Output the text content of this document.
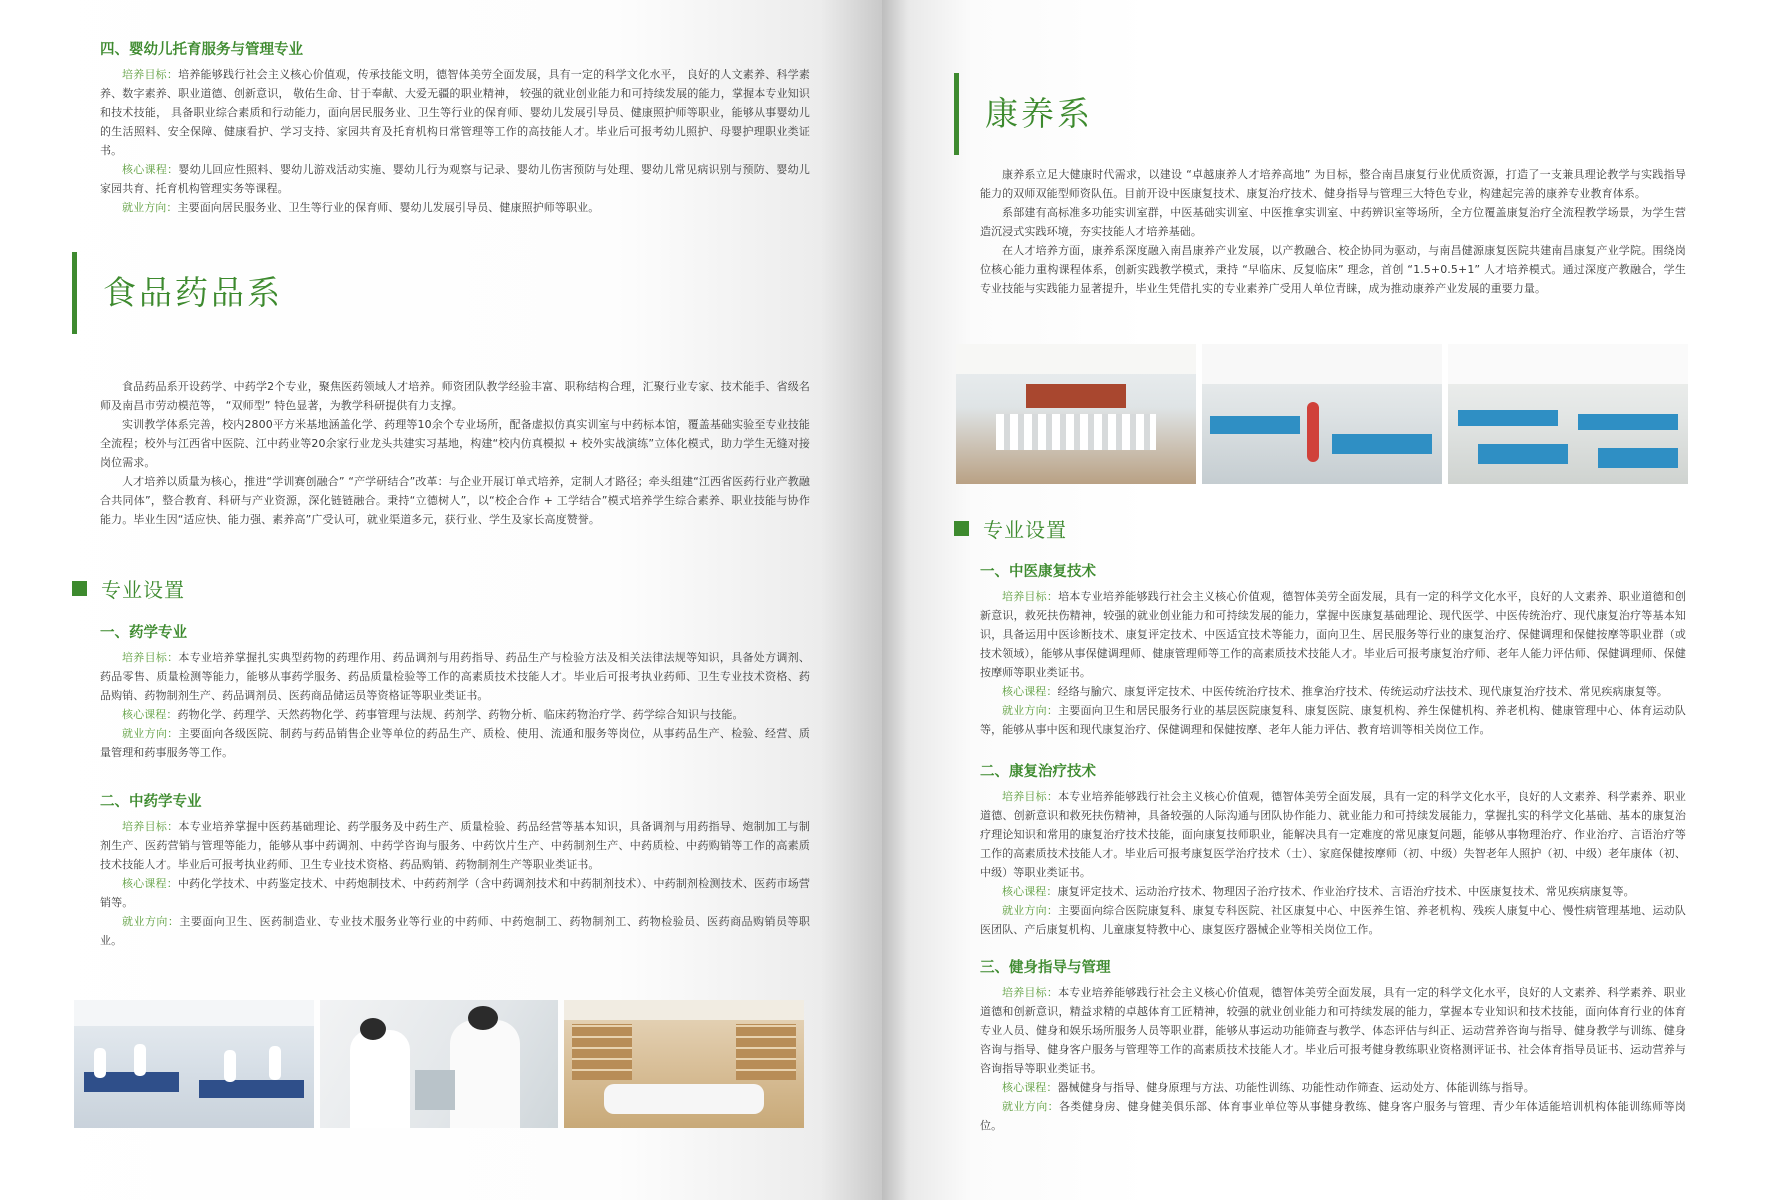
四、婴幼儿托育服务与管理专业

培养目标：培养能够践行社会主义核心价值观，传承技能文明，德智体美劳全面发展，具有一定的科学文化水平， 良好的人文素养、科学素养、数字素养、职业道德、创新意识， 敬佑生命、甘于奉献、大爱无疆的职业精神， 较强的就业创业能力和可持续发展的能力，掌握本专业知识和技术技能， 具备职业综合素质和行动能力，面向居民服务业、卫生等行业的保育师、婴幼儿发展引导员、健康照护师等职业，能够从事婴幼儿的生活照料、安全保障、健康看护、学习支持、家园共育及托育机构日常管理等工作的高技能人才。毕业后可报考幼儿照护、母婴护理职业类证书。

核心课程：婴幼儿回应性照料、婴幼儿游戏活动实施、婴幼儿行为观察与记录、婴幼儿伤害预防与处理、婴幼儿常见病识别与预防、婴幼儿家园共育、托育机构管理实务等课程。

就业方向：主要面向居民服务业、卫生等行业的保育师、婴幼儿发展引导员、健康照护师等职业。

食品药品系

食品药品系开设药学、中药学2个专业，聚焦医药领域人才培养。师资团队教学经验丰富、职称结构合理，汇聚行业专家、技术能手、省级名师及南昌市劳动模范等， “双师型” 特色显著，为教学科研提供有力支撑。

实训教学体系完善，校内2800平方米基地涵盖化学、药理等10余个专业场所，配备虚拟仿真实训室与中药标本馆，覆盖基础实验至专业技能全流程；校外与江西省中医院、江中药业等20余家行业龙头共建实习基地，构建“校内仿真模拟 + 校外实战演练”立体化模式，助力学生无缝对接岗位需求。

人才培养以质量为核心，推进“学训赛创融合” “产学研结合”改革：与企业开展订单式培养，定制人才路径；牵头组建“江西省医药行业产教融合共同体”，整合教育、科研与产业资源，深化链链融合。秉持“立德树人”，以“校企合作 + 工学结合”模式培养学生综合素养、职业技能与协作能力。毕业生因“适应快、能力强、素养高”广受认可，就业渠道多元，获行业、学生及家长高度赞誉。

专业设置

一、药学专业

培养目标：本专业培养掌握扎实典型药物的药理作用、药品调剂与用药指导、药品生产与检验方法及相关法律法规等知识，具备处方调剂、药品零售、质量检测等能力，能够从事药学服务、药品质量检验等工作的高素质技术技能人才。毕业后可报考执业药师、卫生专业技术资格、药品购销、药物制剂生产、药品调剂员、医药商品储运员等资格证等职业类证书。

核心课程：药物化学、药理学、天然药物化学、药事管理与法规、药剂学、药物分析、临床药物治疗学、药学综合知识与技能。

就业方向：主要面向各级医院、制药与药品销售企业等单位的药品生产、质检、使用、流通和服务等岗位，从事药品生产、检验、经营、质量管理和药事服务等工作。

二、中药学专业

培养目标：本专业培养掌握中医药基础理论、药学服务及中药生产、质量检验、药品经营等基本知识，具备调剂与用药指导、炮制加工与制剂生产、医药营销与管理等能力，能够从事中药调剂、中药学咨询与服务、中药饮片生产、中药制剂生产、中药质检、中药购销等工作的高素质技术技能人才。毕业后可报考执业药师、卫生专业技术资格、药品购销、药物制剂生产等职业类证书。

核心课程：中药化学技术、中药鉴定技术、中药炮制技术、中药药剂学（含中药调剂技术和中药制剂技术）、中药制剂检测技术、医药市场营销等。

就业方向：主要面向卫生、医药制造业、专业技术服务业等行业的中药师、中药炮制工、药物制剂工、药物检验员、医药商品购销员等职业。

康养系

康养系立足大健康时代需求，以建设 “卓越康养人才培养高地” 为目标，整合南昌康复行业优质资源，打造了一支兼具理论教学与实践指导能力的双师双能型师资队伍。目前开设中医康复技术、康复治疗技术、健身指导与管理三大特色专业，构建起完善的康养专业教育体系。

系部建有高标准多功能实训室群，中医基础实训室、中医推拿实训室、中药辨识室等场所，全方位覆盖康复治疗全流程教学场景，为学生营造沉浸式实践环境，夯实技能人才培养基础。

在人才培养方面，康养系深度融入南昌康养产业发展，以产教融合、校企协同为驱动，与南昌健源康复医院共建南昌康复产业学院。围绕岗位核心能力重构课程体系，创新实践教学模式，秉持 “早临床、反复临床” 理念，首创 “1.5+0.5+1” 人才培养模式。通过深度产教融合，学生专业技能与实践能力显著提升，毕业生凭借扎实的专业素养广受用人单位青睐，成为推动康养产业发展的重要力量。

专业设置

一、中医康复技术

培养目标：培本专业培养能够践行社会主义核心价值观，德智体美劳全面发展，具有一定的科学文化水平，良好的人文素养、职业道德和创新意识，救死扶伤精神，较强的就业创业能力和可持续发展的能力，掌握中医康复基础理论、现代医学、中医传统治疗、现代康复治疗等基本知识，具备运用中医诊断技术、康复评定技术、中医适宜技术等能力，面向卫生、居民服务等行业的康复治疗、保健调理和保健按摩等职业群（或技术领域），能够从事保健调理师、健康管理师等工作的高素质技术技能人才。毕业后可报考康复治疗师、老年人能力评估师、保健调理师、保健按摩师等职业类证书。

核心课程：经络与腧穴、康复评定技术、中医传统治疗技术、推拿治疗技术、传统运动疗法技术、现代康复治疗技术、常见疾病康复等。

就业方向：主要面向卫生和居民服务行业的基层医院康复科、康复医院、康复机构、养生保健机构、养老机构、健康管理中心、体育运动队等，能够从事中医和现代康复治疗、保健调理和保健按摩、老年人能力评估、教育培训等相关岗位工作。

二、康复治疗技术

培养目标：本专业培养能够践行社会主义核心价值观，德智体美劳全面发展，具有一定的科学文化水平，良好的人文素养、科学素养、职业道德、创新意识和救死扶伤精神，具备较强的人际沟通与团队协作能力、就业能力和可持续发展能力，掌握扎实的科学文化基础、基本的康复治疗理论知识和常用的康复治疗技术技能，面向康复技师职业，能解决具有一定难度的常见康复问题，能够从事物理治疗、作业治疗、言语治疗等工作的高素质技术技能人才。毕业后可报考康复医学治疗技术（士）、家庭保健按摩师（初、中级）失智老年人照护（初、中级）老年康体（初、中级）等职业类证书。

核心课程：康复评定技术、运动治疗技术、物理因子治疗技术、作业治疗技术、言语治疗技术、中医康复技术、常见疾病康复等。

就业方向：主要面向综合医院康复科、康复专科医院、社区康复中心、中医养生馆、养老机构、残疾人康复中心、慢性病管理基地、运动队医团队、产后康复机构、儿童康复特教中心、康复医疗器械企业等相关岗位工作。

三、健身指导与管理

培养目标：本专业培养能够践行社会主义核心价值观，德智体美劳全面发展，具有一定的科学文化水平，良好的人文素养、科学素养、职业道德和创新意识，精益求精的卓越体育工匠精神，较强的就业创业能力和可持续发展的能力，掌握本专业知识和技术技能，面向体育行业的体育专业人员、健身和娱乐场所服务人员等职业群，能够从事运动功能筛查与教学、体态评估与纠正、运动营养咨询与指导、健身教学与训练、健身咨询与指导、健身客户服务与管理等工作的高素质技术技能人才。毕业后可报考健身教练职业资格测评证书、社会体育指导员证书、运动营养与咨询指导等职业类证书。

核心课程：器械健身与指导、健身原理与方法、功能性训练、功能性动作筛查、运动处方、体能训练与指导。

就业方向：各类健身房、健身健美俱乐部、体育事业单位等从事健身教练、健身客户服务与管理、青少年体适能培训机构体能训练师等岗位。
